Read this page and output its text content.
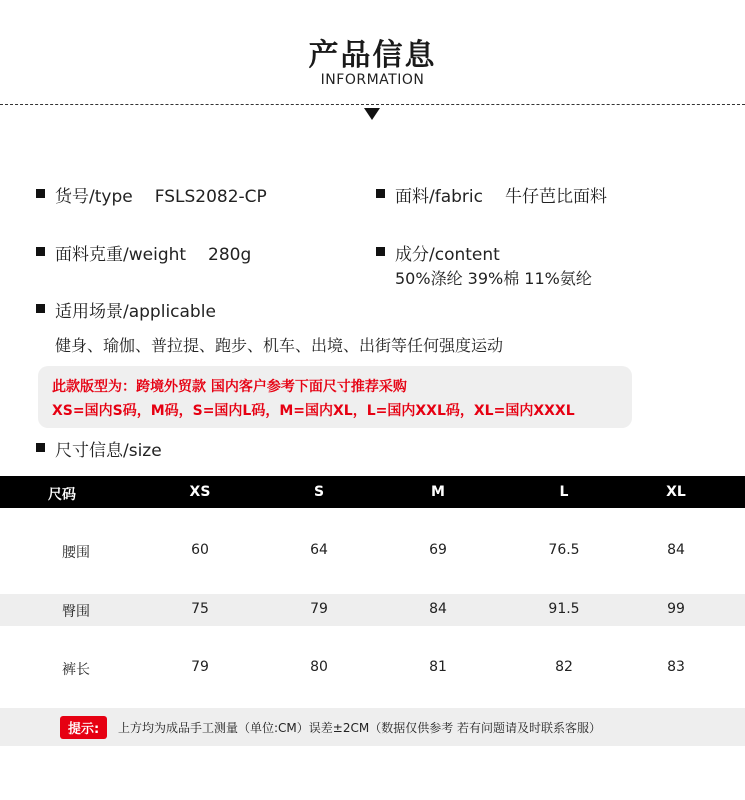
产品信息
INFORMATION
货号/type FSLS2082-CP	面料/fabric 牛仔芭比面料
面料克重/weight 280g	成分/content
50%涤纶 39%棉 11%氨纶
适用场景/applicable
健身、瑜伽、普拉提、跑步、机车、出境、出街等任何强度运动
此款版型为：跨境外贸款 国内客户参考下面尺寸推荐采购
XS=国内S码，M码，S=国内L码，M=国内XL，L=国内XXL码，XL=国内XXXL
尺寸信息/size
尺码	XS	S	M	L	XL
腰围	60	64	69	76.5	84
臀围	75	79	84	91.5	99
裤长	79	80	81	82	83
提示:	上方均为成品手工测量（单位:CM）误差±2CM（数据仅供参考 若有问题请及时联系客服）
